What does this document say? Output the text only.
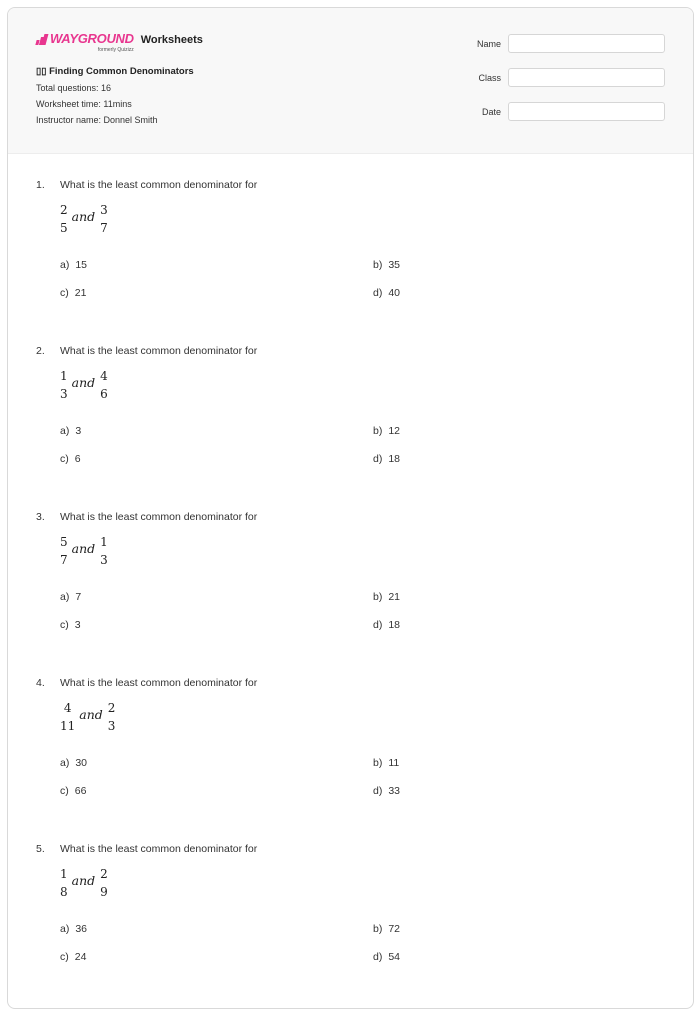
WAYGROUND
formerly Quizizz
Worksheets
▯▯ Finding Common Denominators
Total questions: 16
Worksheet time: 11mins
Instructor name: Donnel Smith
Name
Class
Date
1. What is the least common denominator for
2
5
and 3
7
a) 15	b) 35
c) 21	d) 40
2. What is the least common denominator for
1
3
and 4
6
a) 3	b) 12
c) 6	d) 18
3. What is the least common denominator for
5
7
and 1
3
a) 7	b) 21
c) 3	d) 18
4. What is the least common denominator for
4
11
and 2
3
a) 30	b) 11
c) 66	d) 33
5. What is the least common denominator for
1
8
and 2
9
a) 36	b) 72
c) 24	d) 54
